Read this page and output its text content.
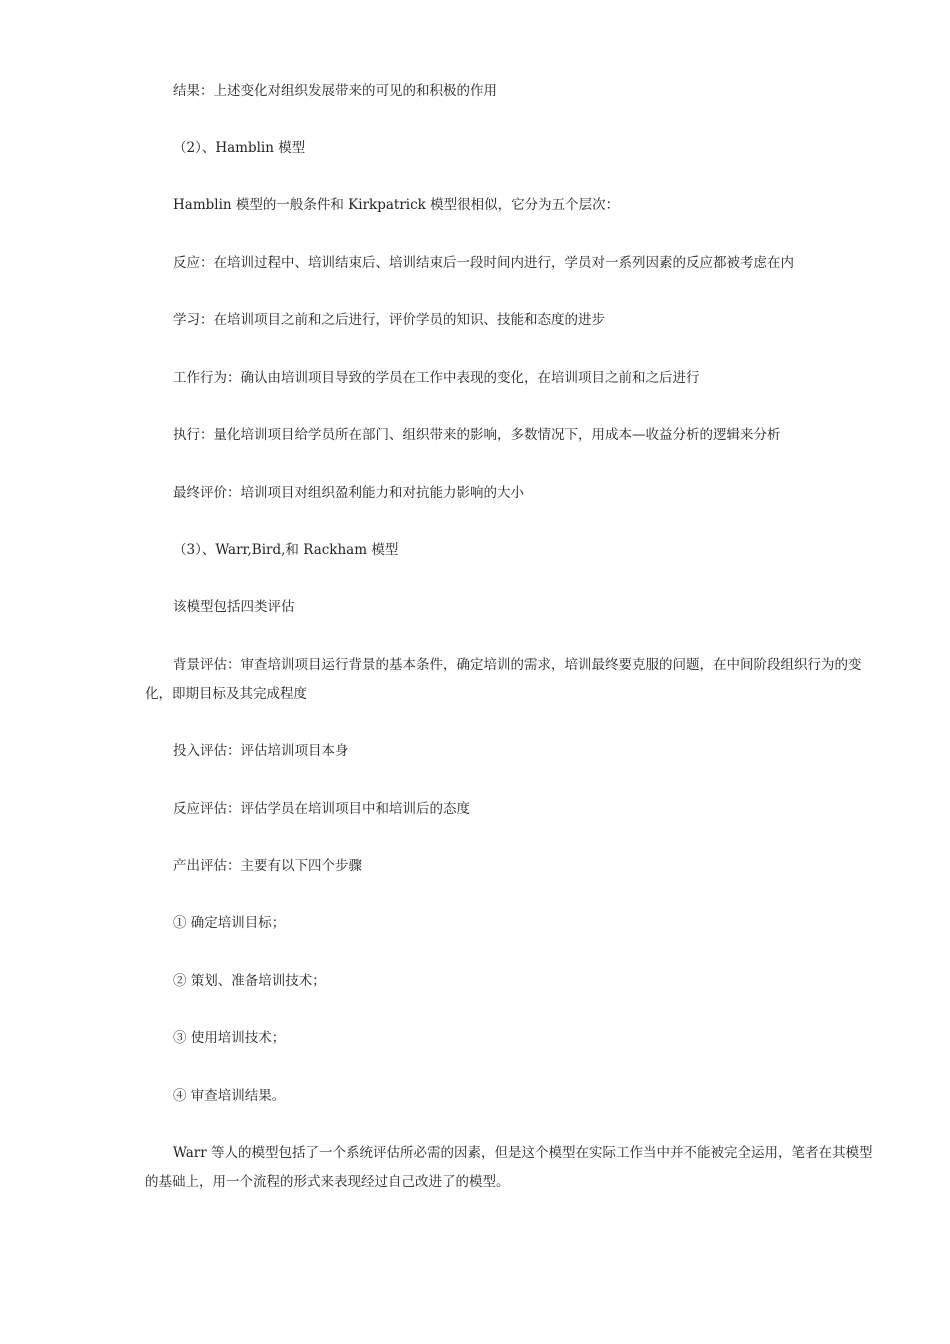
结果：上述变化对组织发展带来的可见的和积极的作用

（2）、Hamblin 模型

Hamblin 模型的一般条件和 Kirkpatrick 模型很相似，它分为五个层次：

反应：在培训过程中、培训结束后、培训结束后一段时间内进行，学员对一系列因素的反应都被考虑在内

学习：在培训项目之前和之后进行，评价学员的知识、技能和态度的进步

工作行为：确认由培训项目导致的学员在工作中表现的变化，在培训项目之前和之后进行

执行：量化培训项目给学员所在部门、组织带来的影响，多数情况下，用成本—收益分析的逻辑来分析

最终评价：培训项目对组织盈利能力和对抗能力影响的大小

（3）、Warr,Bird,和 Rackham 模型

该模型包括四类评估

背景评估：审查培训项目运行背景的基本条件，确定培训的需求，培训最终要克服的问题，在中间阶段组织行为的变化，即期目标及其完成程度

投入评估：评估培训项目本身

反应评估：评估学员在培训项目中和培训后的态度

产出评估：主要有以下四个步骤

① 确定培训目标；

② 策划、准备培训技术；

③ 使用培训技术；

④ 审查培训结果。

Warr 等人的模型包括了一个系统评估所必需的因素，但是这个模型在实际工作当中并不能被完全运用，笔者在其模型的基础上，用一个流程的形式来表现经过自己改进了的模型。
